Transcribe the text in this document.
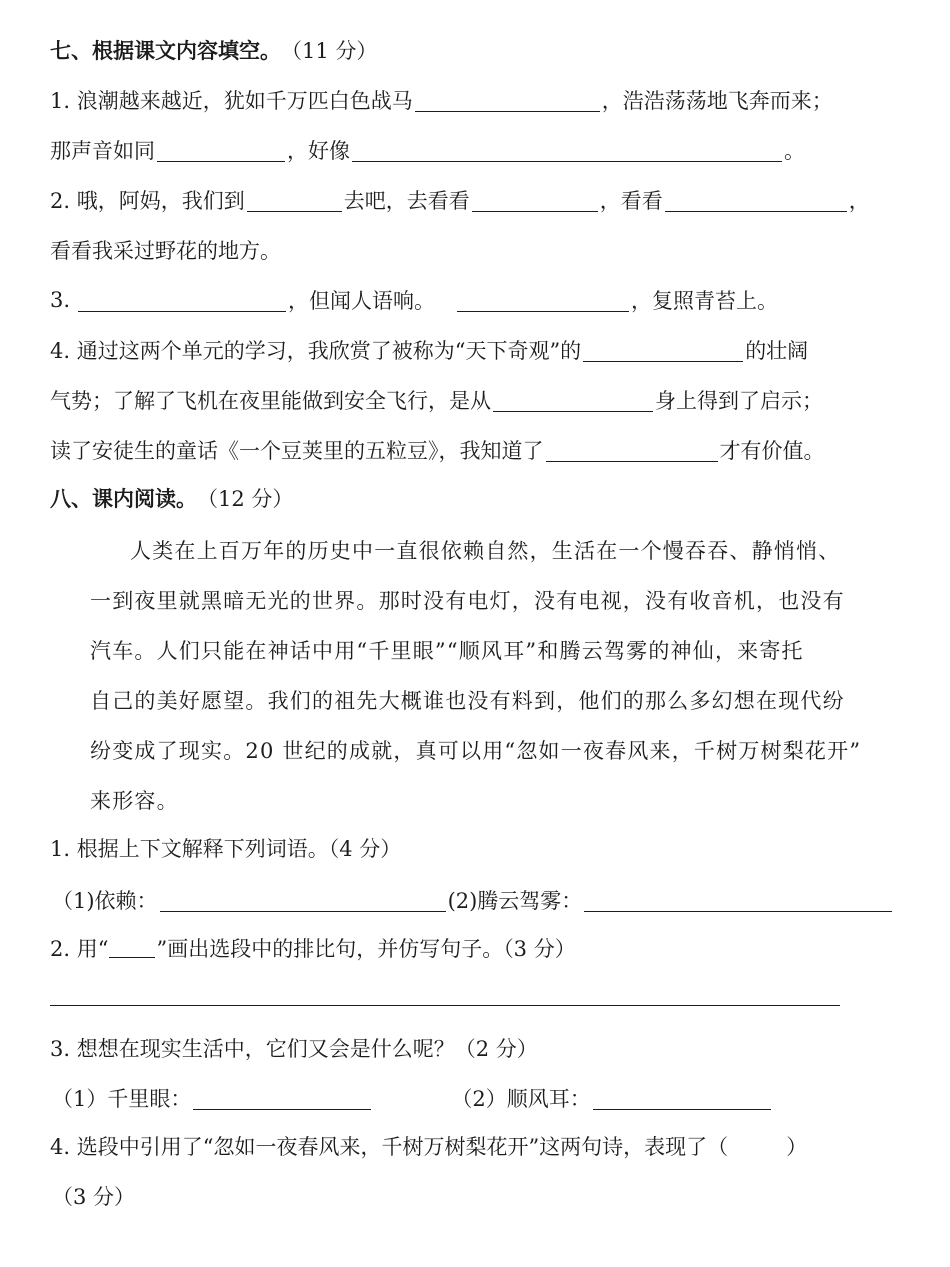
七、根据课文内容填空。 （11 分）
1. 浪潮越来越近，犹如千万匹白色战马	，浩浩荡荡地飞奔而来；
那声音如同	，好像	。
2. 哦，阿妈，我们到	去吧，去看看	，看看	，
看看我采过野花的地方。
3.	，但闻人语响。	，复照青苔上。
4. 通过这两个单元的学习，我欣赏了被称为“天下奇观”的	的壮阔
气势；了解了飞机在夜里能做到安全飞行，是从	身上得到了启示；
读了安徒生的童话《一个豆荚里的五粒豆》，我知道了	才有价值。
八、课内阅读。 （12 分）
人类在上百万年的历史中一直很依赖自然，生活在一个慢吞吞、静悄悄、
一到夜里就黑暗无光的世界。那时没有电灯，没有电视，没有收音机，也没有
汽车。人们只能在神话中用“千里眼”“顺风耳”和腾云驾雾的神仙，来寄托
自己的美好愿望。我们的祖先大概谁也没有料到，他们的那么多幻想在现代纷
纷变成了现实。20 世纪的成就，真可以用“忽如一夜春风来，千树万树梨花开”
来形容。
1. 根据上下文解释下列词语。（4 分）
（1)依赖：	(2)腾云驾雾：
2. 用“ ”画出选段中的排比句，并仿写句子。（3 分）
3. 想想在现实生活中，它们又会是什么呢？（2 分）
（1）千里眼：	（2）顺风耳：
4. 选段中引用了“忽如一夜春风来，千树万树梨花开”这两句诗，表现了（	）
（3 分）
